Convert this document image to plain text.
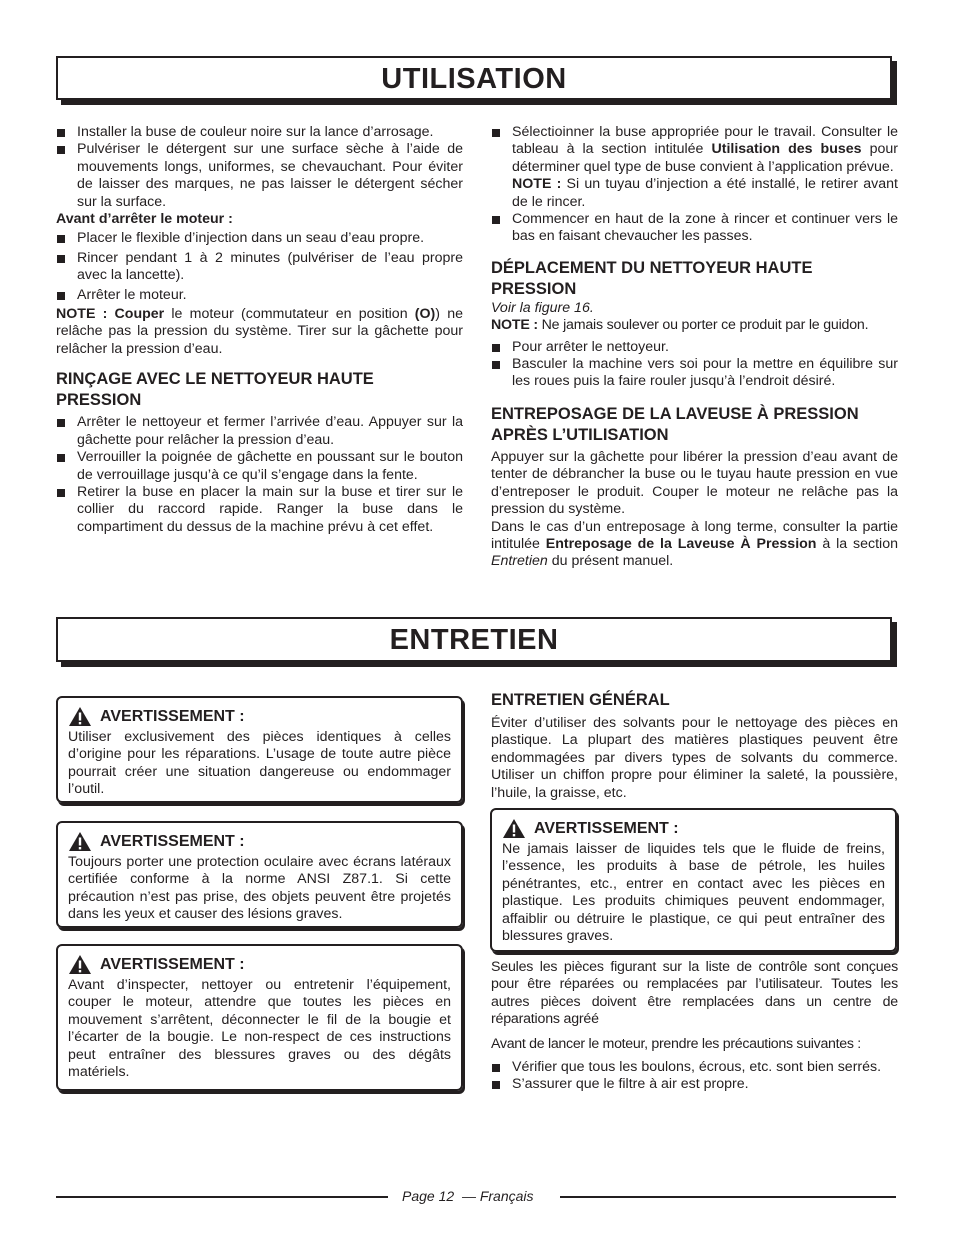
UTILISATION
Installer la buse de couleur noire sur la lance d’arrosage.
Pulvériser le détergent sur une surface sèche à l’aide de mouvements longs, uniformes, se chevauchant. Pour éviter de laisser des marques, ne pas laisser le détergent sécher sur la surface.

Avant d’arrêter le moteur :

Placer le flexible d’injection dans un seau d’eau propre.
Rincer pendant 1 à 2 minutes (pulvériser de l’eau propre avec la lancette).
Arrêter le moteur.

NOTE : Couper le moteur (commutateur en position (O)) ne relâche pas la pression du système. Tirer sur la gâchette pour relâcher la pression d’eau.

RINÇAGE AVEC LE NETTOYEUR HAUTE PRESSION
Arrêter le nettoyeur et fermer l’arrivée d’eau. Appuyer sur la gâchette pour relâcher la pression d’eau.
Verrouiller la poignée de gâchette en poussant sur le bouton de verrouillage jusqu’à ce qu’il s’engage dans la fente.
Retirer la buse en placer la main sur la buse et tirer sur le collier du raccord rapide. Ranger la buse dans le compartiment du dessus de la machine prévu à cet effet.
Sélectioinner la buse appropriée pour le travail. Consulter le tableau à la section intitulée Utilisation des buses pour déterminer quel type de buse convient à l’application prévue.
NOTE : Si un tuyau d’injection a été installé, le retirer avant de le rincer.
Commencer en haut de la zone à rincer et continuer vers le bas en faisant chevaucher les passes.
DÉPLACEMENT DU NETTOYEUR HAUTE PRESSION

Voir la figure 16.

NOTE : Ne jamais soulever ou porter ce produit par le guidon.

Pour arrêter le nettoyeur.
Basculer la machine vers soi pour la mettre en équilibre sur les roues puis la faire rouler jusqu’à l’endroit désiré.
ENTREPOSAGE DE LA LAVEUSE À PRESSION APRÈS L’UTILISATION

Appuyer sur la gâchette pour libérer la pression d’eau avant de tenter de débrancher la buse ou le tuyau haute pression en vue d’entreposer le produit. Couper le moteur ne relâche pas la pression du système.

Dans le cas d’un entreposage à long terme, consulter la partie intitulée Entreposage de la Laveuse À Pression à la section Entretien du présent manuel.

ENTRETIEN
AVERTISSEMENT :

Utiliser exclusivement des pièces identiques à celles d’origine pour les réparations. L’usage de toute autre pièce pourrait créer une situation dangereuse ou endommager l’outil.

AVERTISSEMENT :

Toujours porter une protection oculaire avec écrans latéraux certifiée conforme à la norme ANSI Z87.1. Si cette précaution n’est pas prise, des objets peuvent être projetés dans les yeux et causer des lésions graves.

AVERTISSEMENT :

Avant d’inspecter, nettoyer ou entretenir l’équipement, couper le moteur, attendre que toutes les pièces en mouvement s’arrêtent, déconnecter le fil de la bougie et l’écarter de la bougie. Le non-respect de ces instructions peut entraîner des blessures graves ou des dégâts matériels.

ENTRETIEN GÉNÉRAL

Éviter d’utiliser des solvants pour le nettoyage des pièces en plastique. La plupart des matières plastiques peuvent être endommagées par divers types de solvants du commerce. Utiliser un chiffon propre pour éliminer la saleté, la poussière, l’huile, la graisse, etc.

AVERTISSEMENT :

Ne jamais laisser de liquides tels que le fluide de freins, l’essence, les produits à base de pétrole, les huiles pénétrantes, etc., entrer en contact avec les pièces en plastique. Les produits chimiques peuvent endommager, affaiblir ou détruire le plastique, ce qui peut entraîner des blessures graves.

Seules les pièces figurant sur la liste de contrôle sont conçues pour être réparées ou remplacées par l’utilisateur. Toutes les autres pièces doivent être remplacées dans un centre de réparations agréé

Avant de lancer le moteur, prendre les précautions suivantes :

Vérifier que tous les boulons, écrous, etc. sont bien serrés.
S’assurer que le filtre à air est propre.
Page 12 — Français
